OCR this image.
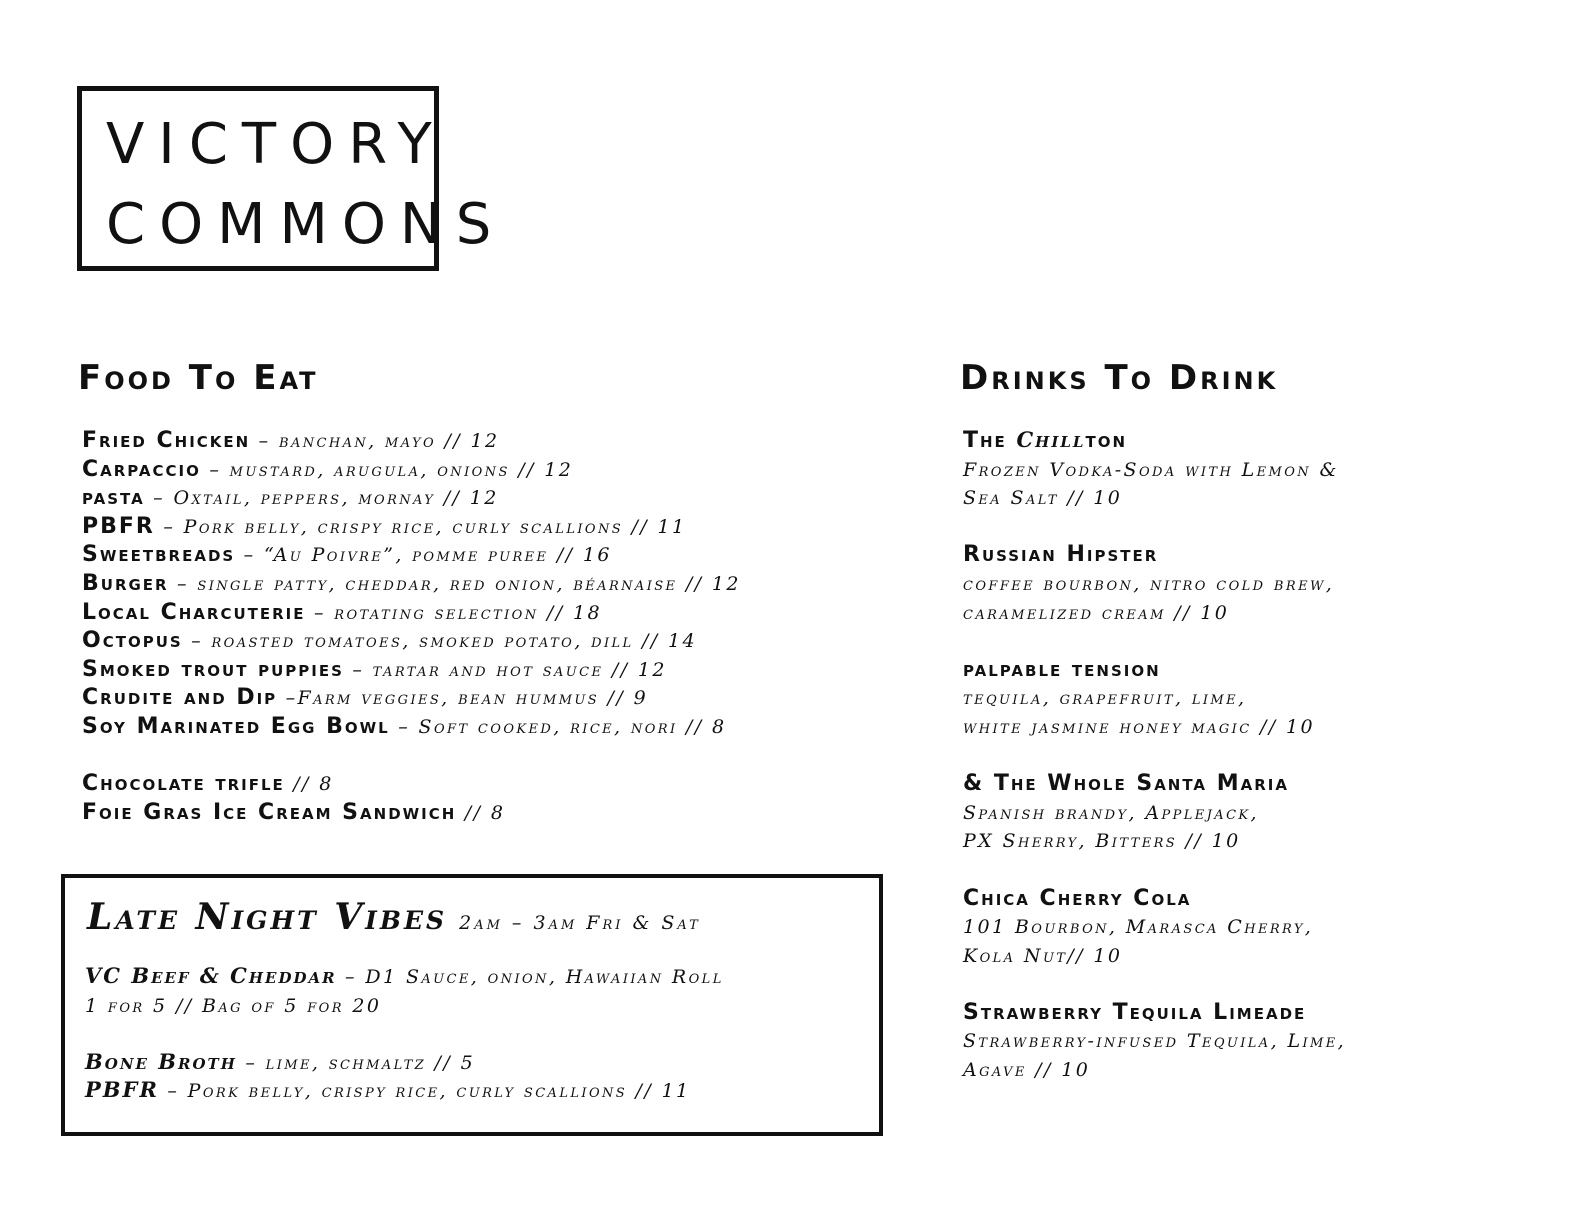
VICTORY
COMMONS
Food To Eat
Fried Chicken – banchan, mayo // 12
Carpaccio – mustard, arugula, onions // 12
pasta – Oxtail, peppers, mornay // 12
PBFR – Pork belly, crispy rice, curly scallions // 11
Sweetbreads – “Au Poivre”, pomme puree // 16
Burger – single patty, cheddar, red onion, béarnaise // 12
Local Charcuterie – rotating selection // 18
Octopus – roasted tomatoes, smoked potato, dill // 14
Smoked trout puppies – tartar and hot sauce // 12
Crudite and Dip –Farm veggies, bean hummus // 9
Soy Marinated Egg Bowl – Soft cooked, rice, nori // 8
Chocolate trifle // 8
Foie Gras Ice Cream Sandwich // 8
Late Night Vibes 2am – 3am Fri & Sat
VC Beef & Cheddar – D1 Sauce, onion, Hawaiian Roll
1 for 5 // Bag of 5 for 20
Bone Broth – lime, schmaltz // 5
PBFR – Pork belly, crispy rice, curly scallions // 11
Drinks To Drink
The Chillton
Frozen Vodka-Soda with Lemon &
Sea Salt // 10
Russian Hipster
coffee bourbon, nitro cold brew,
caramelized cream // 10
palpable tension
tequila, grapefruit, lime,
white jasmine honey magic // 10
& The Whole Santa Maria
Spanish brandy, Applejack,
PX Sherry, Bitters // 10
Chica Cherry Cola
101 Bourbon, Marasca Cherry,
Kola Nut// 10
Strawberry Tequila Limeade
Strawberry-infused Tequila, Lime,
Agave // 10
